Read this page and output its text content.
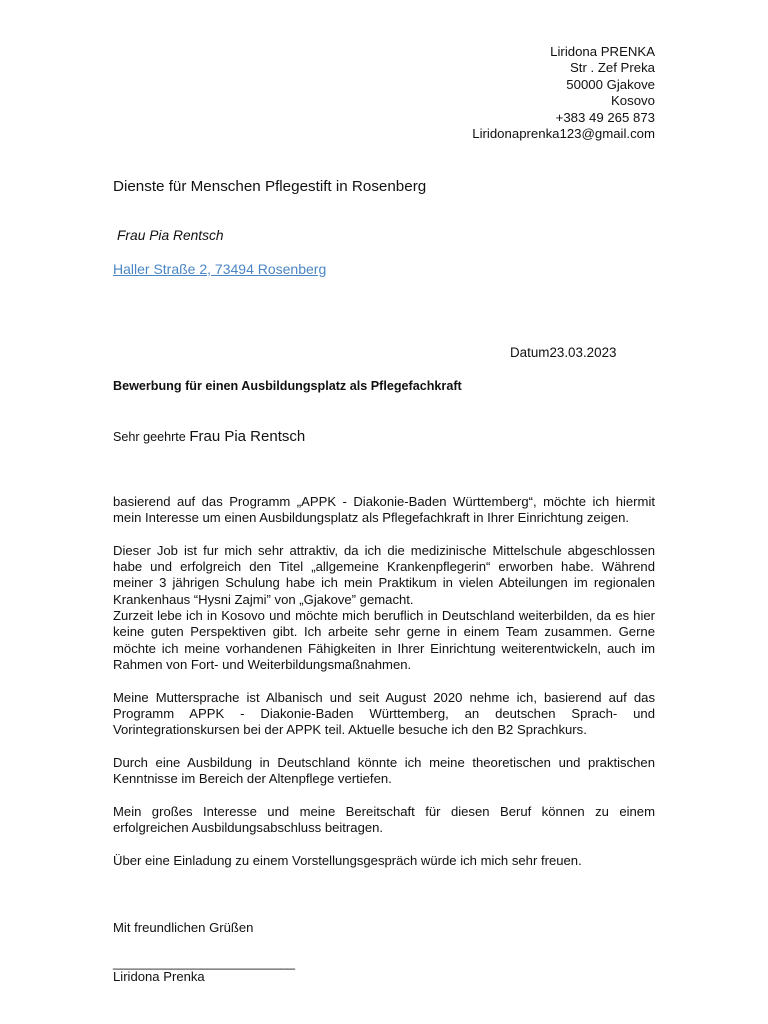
Liridona PRENKA
Str . Zef Preka
50000 Gjakove
Kosovo
+383 49 265 873
Liridonaprenka123@gmail.com
Dienste für Menschen Pflegestift in Rosenberg
Frau Pia Rentsch
Haller Straße 2, 73494 Rosenberg
Datum23.03.2023
Bewerbung für einen Ausbildungsplatz als Pflegefachkraft
Sehr geehrte Frau Pia Rentsch

basierend auf das Programm „APPK - Diakonie-Baden Württemberg“, möchte ich hiermit mein Interesse um einen Ausbildungsplatz als Pflegefachkraft in Ihrer Einrichtung zeigen.

Dieser Job ist fur mich sehr attraktiv, da ich die medizinische Mittelschule abgeschlossen habe und erfolgreich den Titel „allgemeine Krankenpflegerin“ erworben habe. Während meiner 3 jährigen Schulung habe ich mein Praktikum in vielen Abteilungen im regionalen Krankenhaus “Hysni Zajmi” von „Gjakove” gemacht.

Zurzeit lebe ich in Kosovo und möchte mich beruflich in Deutschland weiterbilden, da es hier keine guten Perspektiven gibt. Ich arbeite sehr gerne in einem Team zusammen. Gerne möchte ich meine vorhandenen Fähigkeiten in Ihrer Einrichtung weiterentwickeln, auch im Rahmen von Fort- und Weiterbildungsmaßnahmen.

Meine Muttersprache ist Albanisch und seit August 2020 nehme ich, basierend auf das Programm APPK - Diakonie-Baden Württemberg, an deutschen Sprach- und Vorintegrationskursen bei der APPK teil. Aktuelle besuche ich den B2 Sprachkurs.

Durch eine Ausbildung in Deutschland könnte ich meine theoretischen und praktischen Kenntnisse im Bereich der Altenpflege vertiefen.

Mein großes Interesse und meine Bereitschaft für diesen Beruf können zu einem erfolgreichen Ausbildungsabschluss beitragen.

Über eine Einladung zu einem Vorstellungsgespräch würde ich mich sehr freuen.

Mit freundlichen Grüßen
_________________________
Liridona Prenka
